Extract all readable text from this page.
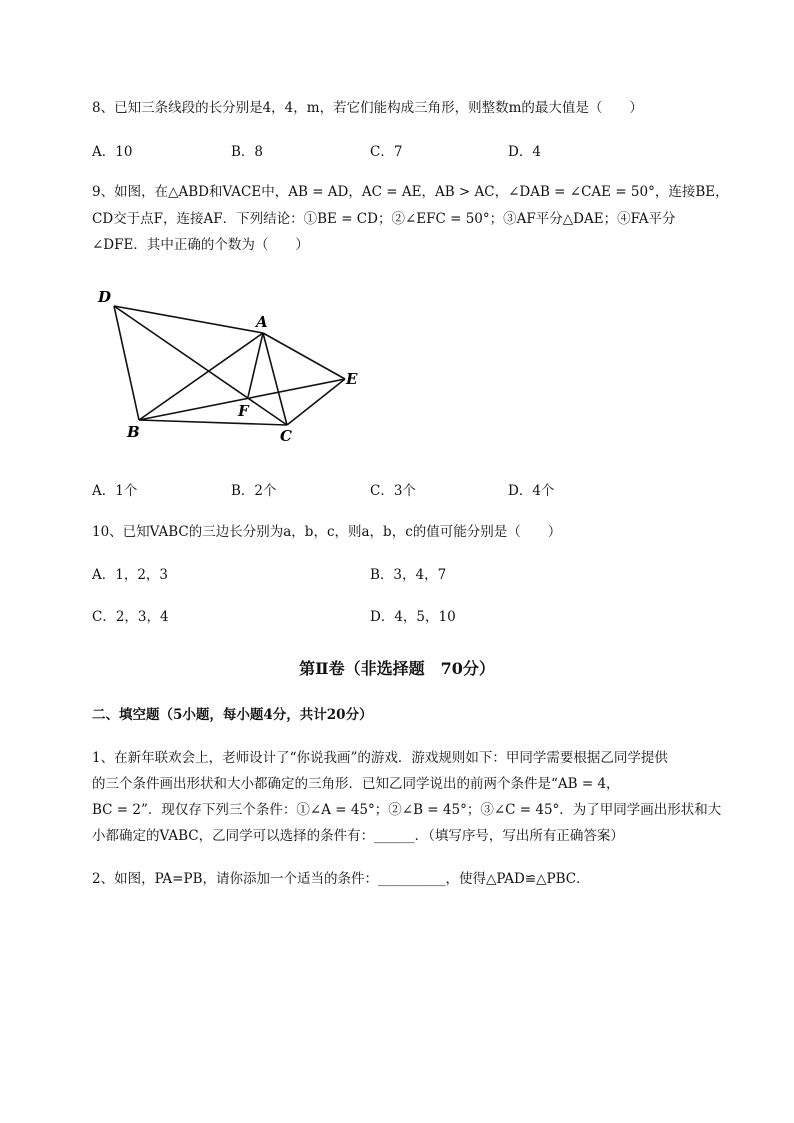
8、已知三条线段的长分别是4，4，m，若它们能构成三角形，则整数m的最大值是（　　）
A．10	B．8	C．7	D．4
9、如图，在△ABD和VACE中，AB = AD，AC = AE，AB > AC，∠DAB = ∠CAE = 50°，连接BE，
CD交于点F，连接AF．下列结论：①BE = CD；②∠EFC = 50°；③AF平分△DAE；④FA平分
∠DFE．其中正确的个数为（　　）
D
A
E
F
B	C
A．1个	B．2个	C．3个	D．4个
10、已知VABC的三边长分别为a，b，c，则a，b，c的值可能分别是（　　）
A．1，2，3	B．3，4，7
C．2，3，4	D．4，5，10
第Ⅱ卷（非选择题　70分）
二、填空题（5小题，每小题4分，共计20分）
1、在新年联欢会上，老师设计了“你说我画”的游戏．游戏规则如下：甲同学需要根据乙同学提供
的三个条件画出形状和大小都确定的三角形．已知乙同学说出的前两个条件是“AB = 4，
BC = 2”．现仅存下列三个条件：①∠A = 45°；②∠B = 45°；③∠C = 45°．为了甲同学画出形状和大
小都确定的VABC，乙同学可以选择的条件有：______．（填写序号，写出所有正确答案）
2、如图，PA=PB，请你添加一个适当的条件：__________，使得△PAD≌△PBC．
